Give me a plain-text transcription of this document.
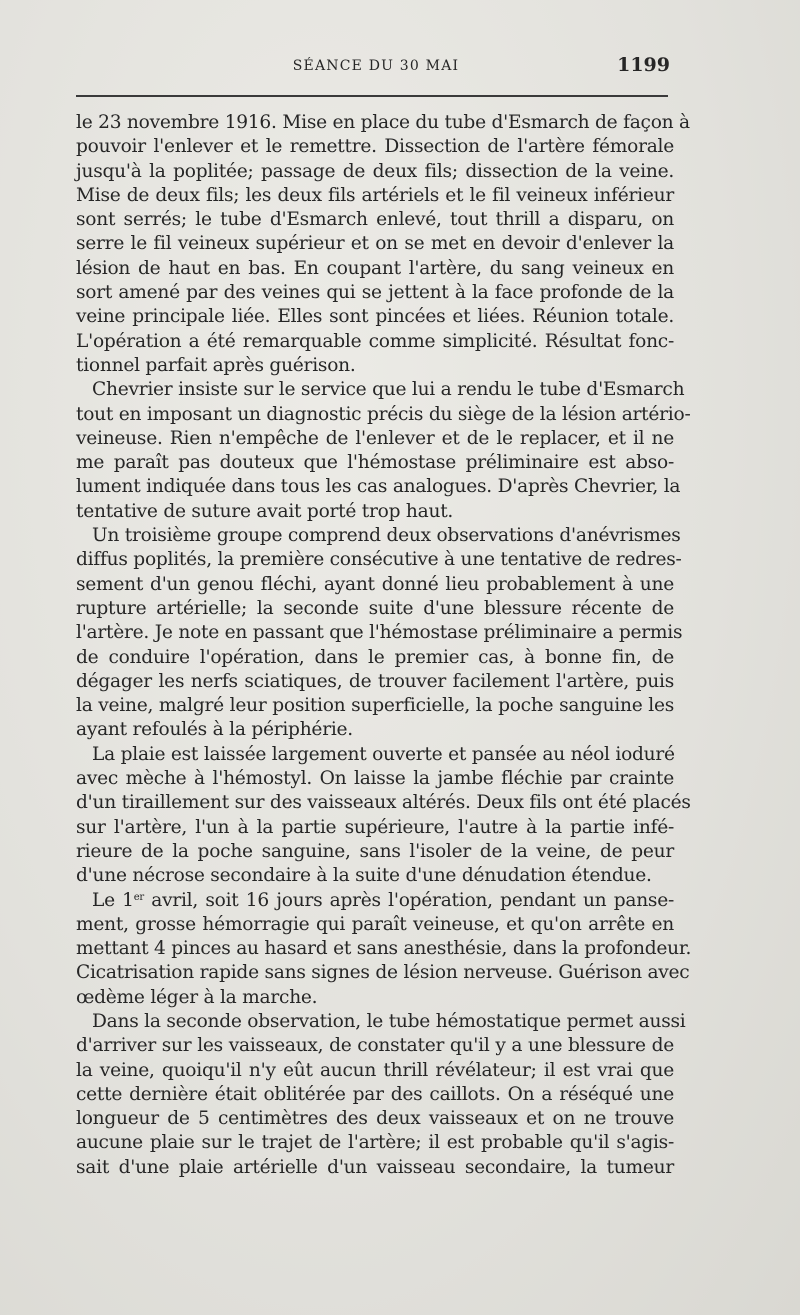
SÉANCE DU 30 MAI	1199
le 23 novembre 1916. Mise en place du tube d'Esmarch de façon à
pouvoir l'enlever et le remettre. Dissection de l'artère fémorale
jusqu'à la poplitée; passage de deux fils; dissection de la veine.
Mise de deux fils; les deux fils artériels et le fil veineux inférieur
sont serrés; le tube d'Esmarch enlevé, tout thrill a disparu, on
serre le fil veineux supérieur et on se met en devoir d'enlever la
lésion de haut en bas. En coupant l'artère, du sang veineux en
sort amené par des veines qui se jettent à la face profonde de la
veine principale liée. Elles sont pincées et liées. Réunion totale.
L'opération a été remarquable comme simplicité. Résultat fonc-
tionnel parfait après guérison.
Chevrier insiste sur le service que lui a rendu le tube d'Esmarch
tout en imposant un diagnostic précis du siège de la lésion artério-
veineuse. Rien n'empêche de l'enlever et de le replacer, et il ne
me paraît pas douteux que l'hémostase préliminaire est abso-
lument indiquée dans tous les cas analogues. D'après Chevrier, la
tentative de suture avait porté trop haut.
Un troisième groupe comprend deux observations d'anévrismes
diffus poplités, la première consécutive à une tentative de redres-
sement d'un genou fléchi, ayant donné lieu probablement à une
rupture artérielle; la seconde suite d'une blessure récente de
l'artère. Je note en passant que l'hémostase préliminaire a permis
de conduire l'opération, dans le premier cas, à bonne fin, de
dégager les nerfs sciatiques, de trouver facilement l'artère, puis
la veine, malgré leur position superficielle, la poche sanguine les
ayant refoulés à la périphérie.
La plaie est laissée largement ouverte et pansée au néol ioduré
avec mèche à l'hémostyl. On laisse la jambe fléchie par crainte
d'un tiraillement sur des vaisseaux altérés. Deux fils ont été placés
sur l'artère, l'un à la partie supérieure, l'autre à la partie infé-
rieure de la poche sanguine, sans l'isoler de la veine, de peur
d'une nécrose secondaire à la suite d'une dénudation étendue.
Le 1er avril, soit 16 jours après l'opération, pendant un panse-
ment, grosse hémorragie qui paraît veineuse, et qu'on arrête en
mettant 4 pinces au hasard et sans anesthésie, dans la profondeur.
Cicatrisation rapide sans signes de lésion nerveuse. Guérison avec
œdème léger à la marche.
Dans la seconde observation, le tube hémostatique permet aussi
d'arriver sur les vaisseaux, de constater qu'il y a une blessure de
la veine, quoiqu'il n'y eût aucun thrill révélateur; il est vrai que
cette dernière était oblitérée par des caillots. On a réséqué une
longueur de 5 centimètres des deux vaisseaux et on ne trouve
aucune plaie sur le trajet de l'artère; il est probable qu'il s'agis-
sait d'une plaie artérielle d'un vaisseau secondaire, la tumeur
